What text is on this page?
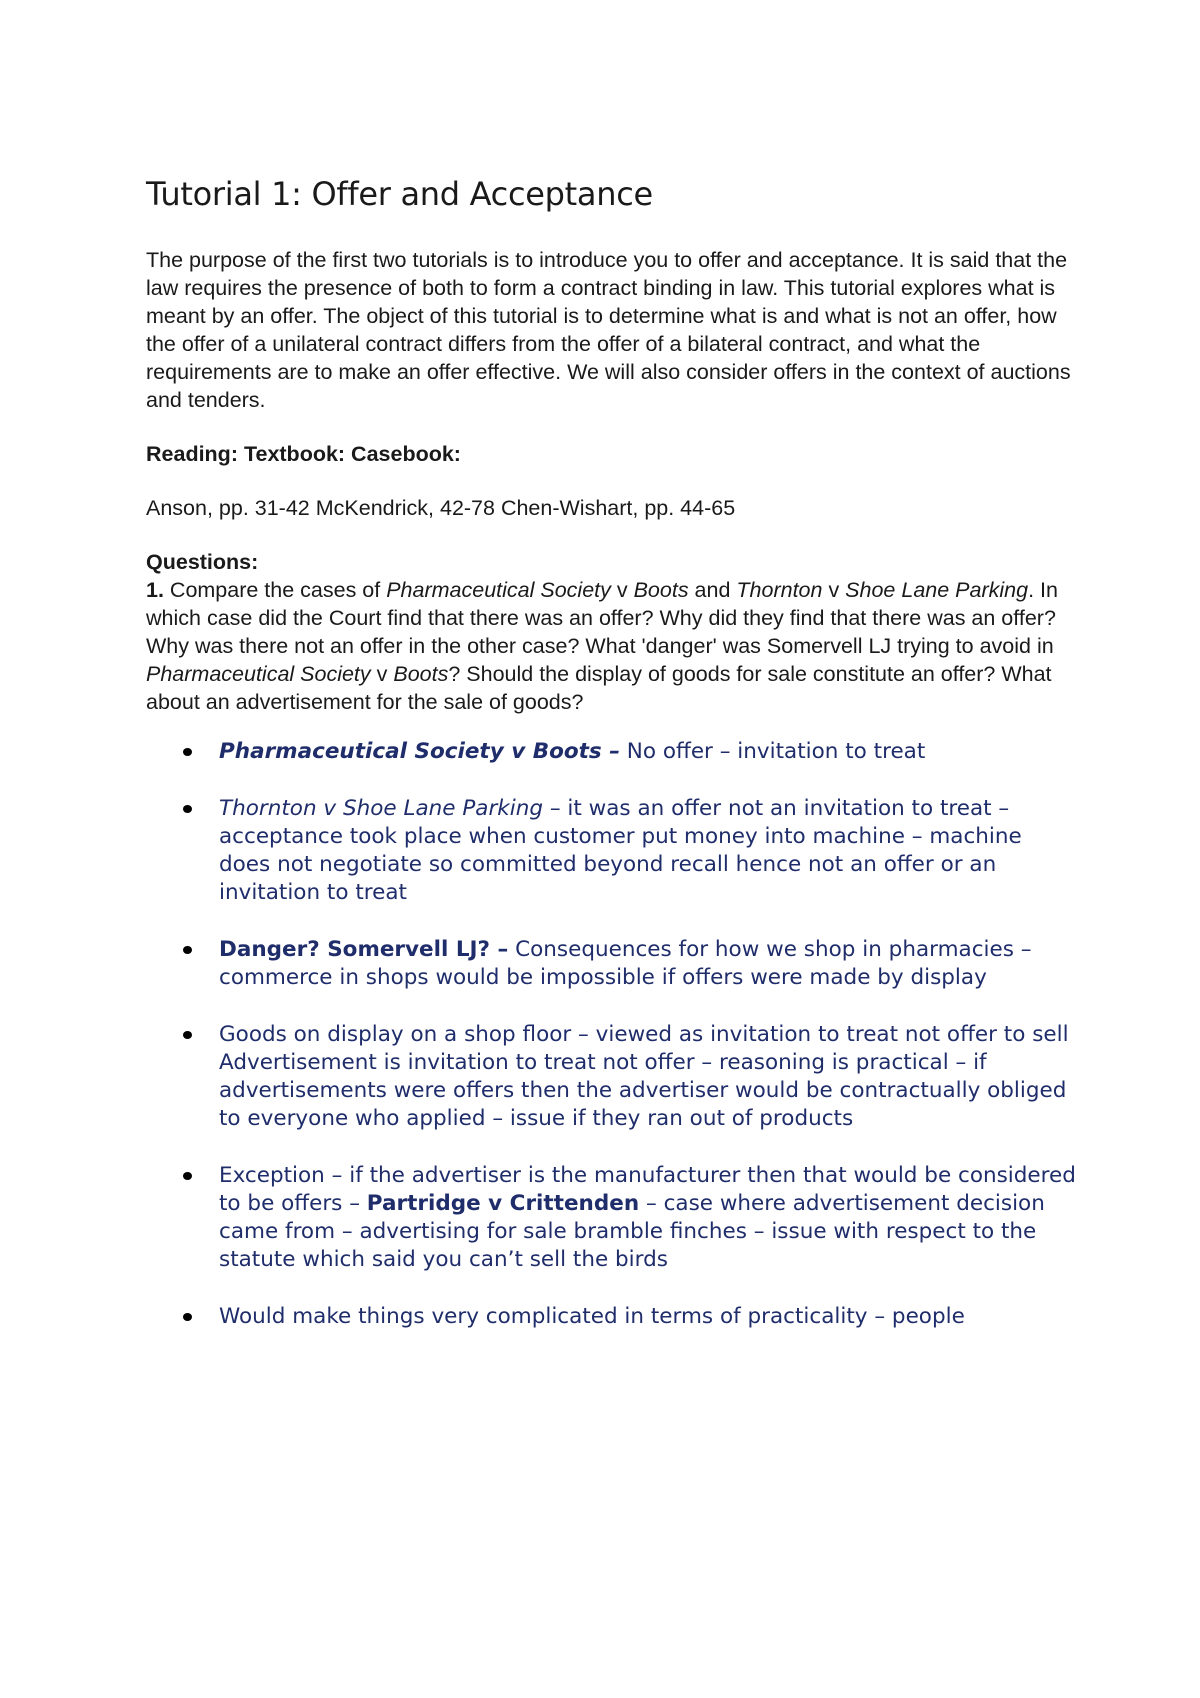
Tutorial 1: Offer and Acceptance

The purpose of the first two tutorials is to introduce you to offer and acceptance. It is said that the law requires the presence of both to form a contract binding in law. This tutorial explores what is meant by an offer. The object of this tutorial is to determine what is and what is not an offer, how the offer of a unilateral contract differs from the offer of a bilateral contract, and what the requirements are to make an offer effective. We will also consider offers in the context of auctions and tenders.

Reading: Textbook: Casebook:

Anson, pp. 31-42 McKendrick, 42-78 Chen-Wishart, pp. 44-65

Questions:

1. Compare the cases of Pharmaceutical Society v Boots and Thornton v Shoe Lane Parking. In which case did the Court find that there was an offer? Why did they find that there was an offer? Why was there not an offer in the other case? What 'danger' was Somervell LJ trying to avoid in Pharmaceutical Society v Boots? Should the display of goods for sale constitute an offer? What about an advertisement for the sale of goods?

Pharmaceutical Society v Boots – No offer – invitation to treat
Thornton v Shoe Lane Parking – it was an offer not an invitation to treat – acceptance took place when customer put money into machine – machine does not negotiate so committed beyond recall hence not an offer or an invitation to treat
Danger? Somervell LJ? – Consequences for how we shop in pharmacies – commerce in shops would be impossible if offers were made by display
Goods on display on a shop floor – viewed as invitation to treat not offer to sell Advertisement is invitation to treat not offer – reasoning is practical – if advertisements were offers then the advertiser would be contractually obliged to everyone who applied – issue if they ran out of products
Exception – if the advertiser is the manufacturer then that would be considered to be offers – Partridge v Crittenden – case where advertisement decision came from – advertising for sale bramble finches – issue with respect to the statute which said you can’t sell the birds
Would make things very complicated in terms of practicality – people
